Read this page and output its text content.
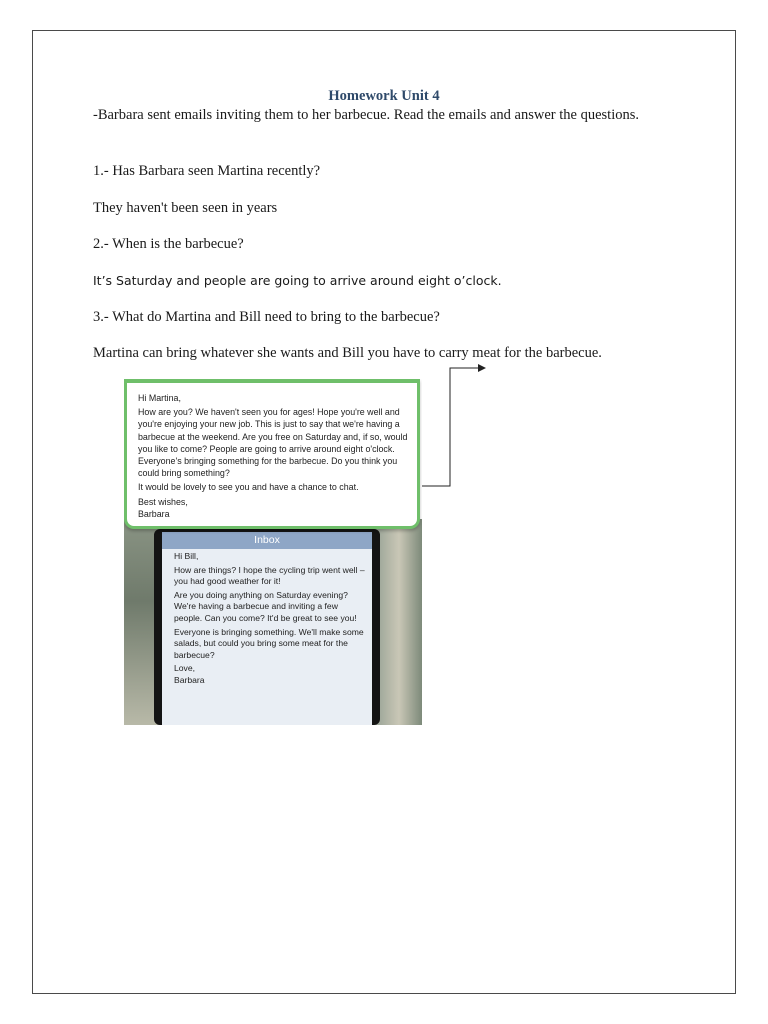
Homework Unit 4
-Barbara sent emails inviting them to her barbecue. Read the emails and answer the questions.
1.- Has Barbara seen Martina recently?
They haven't been seen in years
2.- When is the barbecue?
It’s Saturday and people are going to arrive around eight o’clock.
3.- What do Martina and Bill need to bring to the barbecue?
Martina can bring whatever she wants and Bill you have to carry meat for the barbecue.
Inbox

Hi Bill,

How are things? I hope the cycling trip went well – you had good weather for it!

Are you doing anything on Saturday evening? We're having a barbecue and inviting a few people. Can you come? It'd be great to see you!

Everyone is bringing something. We'll make some salads, but could you bring some meat for the barbecue?

Love,

Barbara

Hi Martina,

How are you? We haven't seen you for ages! Hope you're well and you're enjoying your new job. This is just to say that we're having a barbecue at the weekend. Are you free on Saturday and, if so, would you like to come? People are going to arrive around eight o'clock. Everyone's bringing something for the barbecue. Do you think you could bring something?

It would be lovely to see you and have a chance to chat.

Best wishes,

Barbara
